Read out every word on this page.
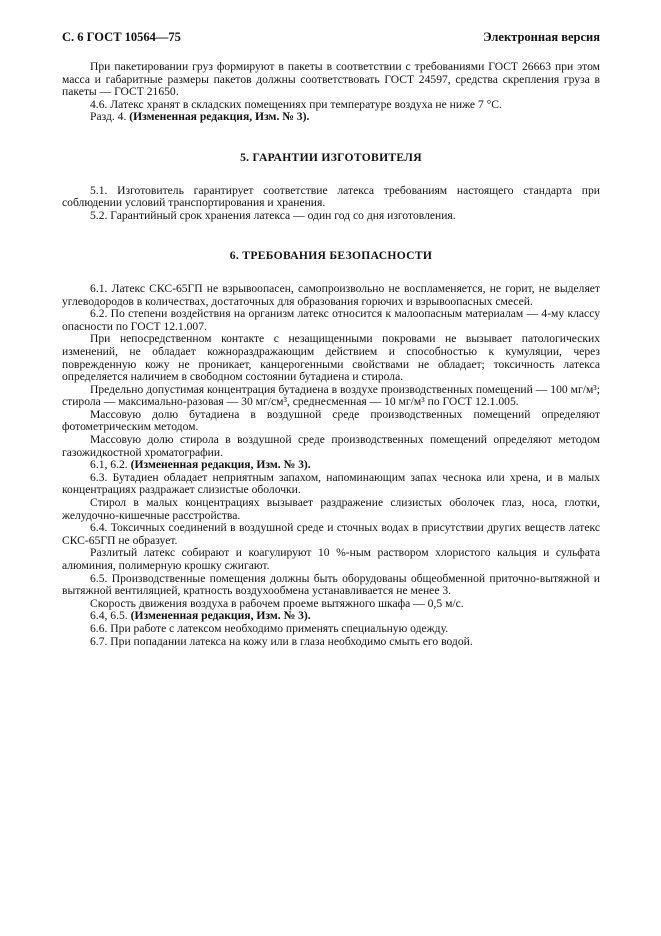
С. 6 ГОСТ 10564—75	Электронная версия

При пакетировании груз формируют в пакеты в соответствии с требованиями ГОСТ 26663 при этом масса и габаритные размеры пакетов должны соответствовать ГОСТ 24597, средства скрепления груза в пакеты — ГОСТ 21650.

4.6. Латекс хранят в складских помещениях при температуре воздуха не ниже 7 °С.

Разд. 4. (Измененная редакция, Изм. № 3).

5. ГАРАНТИИ ИЗГОТОВИТЕЛЯ

5.1. Изготовитель гарантирует соответствие латекса требованиям настоящего стандарта при соблюдении условий транспортирования и хранения.

5.2. Гарантийный срок хранения латекса — один год со дня изготовления.

6. ТРЕБОВАНИЯ БЕЗОПАСНОСТИ

6.1. Латекс СКС-65ГП не взрывоопасен, самопроизвольно не воспламеняется, не горит, не выделяет углеводородов в количествах, достаточных для образования горючих и взрывоопасных смесей.

6.2. По степени воздействия на организм латекс относится к малоопасным материалам — 4-му классу опасности по ГОСТ 12.1.007.

При непосредственном контакте с незащищенными покровами не вызывает патологических изменений, не обладает кожнораздражающим действием и способностью к кумуляции, через поврежденную кожу не проникает, канцерогенными свойствами не обладает; токсичность латекса определяется наличием в свободном состоянии бутадиена и стирола.

Предельно допустимая концентрация бутадиена в воздухе производственных помещений — 100 мг/м³; стирола — максимально-разовая — 30 мг/см³, среднесменная — 10 мг/м³ по ГОСТ 12.1.005.

Массовую долю бутадиена в воздушной среде производственных помещений определяют фотометрическим методом.

Массовую долю стирола в воздушной среде производственных помещений определяют методом газожидкостной хроматографии.

6.1, 6.2. (Измененная редакция, Изм. № 3).

6.3. Бутадиен обладает неприятным запахом, напоминающим запах чеснока или хрена, и в малых концентрациях раздражает слизистые оболочки.

Стирол в малых концентрациях вызывает раздражение слизистых оболочек глаз, носа, глотки, желудочно-кишечные расстройства.

6.4. Токсичных соединений в воздушной среде и сточных водах в присутствии других веществ латекс СКС-65ГП не образует.

Разлитый латекс собирают и коагулируют 10 %-ным раствором хлористого кальция и сульфата алюминия, полимерную крошку сжигают.

6.5. Производственные помещения должны быть оборудованы общеобменной приточно-вытяжной и вытяжной вентиляцией, кратность воздухообмена устанавливается не менее 3.

Скорость движения воздуха в рабочем проеме вытяжного шкафа — 0,5 м/с.

6.4, 6.5. (Измененная редакция, Изм. № 3).

6.6. При работе с латексом необходимо применять специальную одежду.

6.7. При попадании латекса на кожу или в глаза необходимо смыть его водой.
